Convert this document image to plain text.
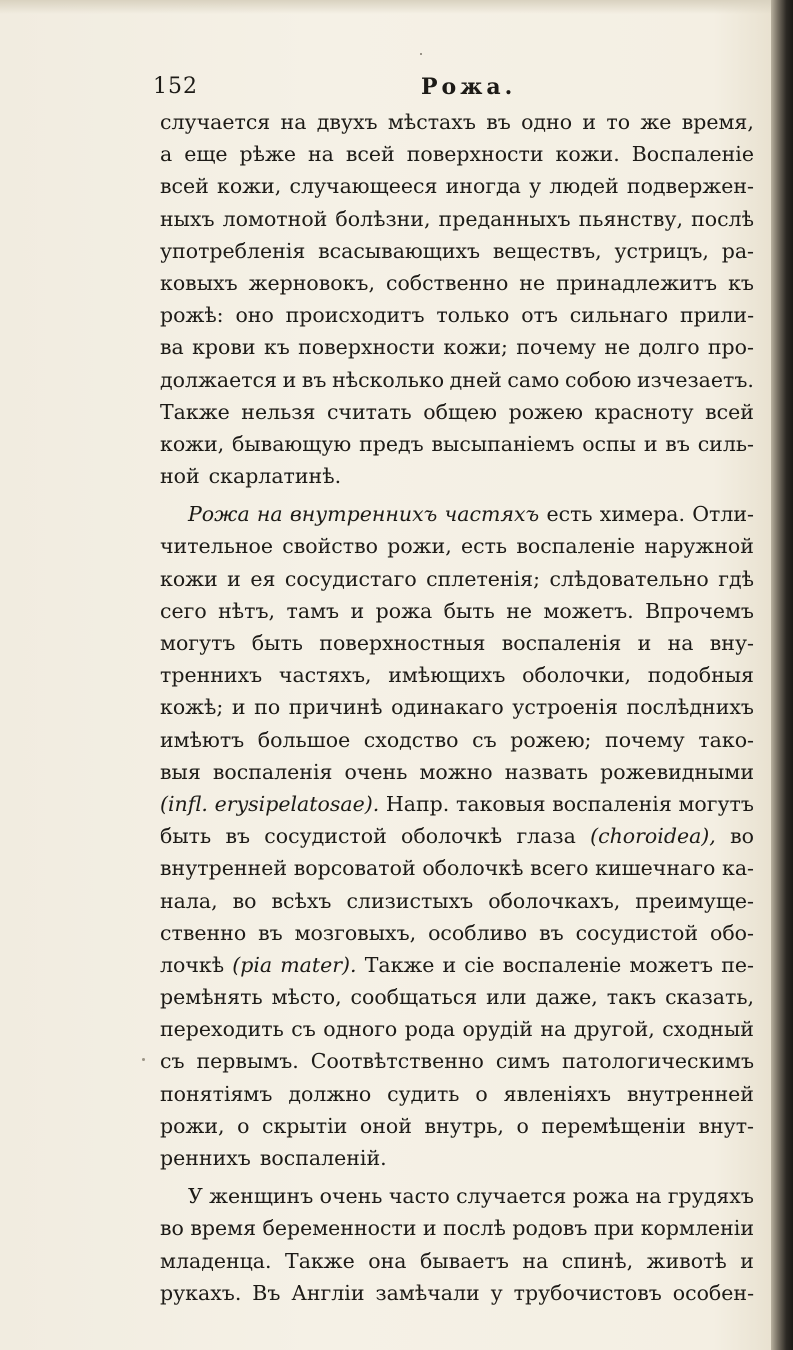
152	Рожа.
случается на двухъ мѣстахъ въ одно и то же время,
а еще рѣже на всей поверхности кожи. Воспаленіе
всей кожи, случающееся иногда у людей подвержен-
ныхъ ломотной болѣзни, преданныхъ пьянству, послѣ
употребленія всасывающихъ веществъ, устрицъ, ра-
ковыхъ жерновокъ, собственно не принадлежитъ къ
рожѣ: оно происходитъ только отъ сильнаго прили-
ва крови къ поверхности кожи; почему не долго про-
должается и въ нѣсколько дней само собою изчезаетъ.
Также нельзя считать общею рожею красноту всей
кожи, бывающую предъ высыпаніемъ оспы и въ силь-
ной скарлатинѣ.
Рожа на внутреннихъ частяхъ есть химера. Отли-
чительное свойство рожи, есть воспаленіе наружной
кожи и ея сосудистаго сплетенія; слѣдовательно гдѣ
сего нѣтъ, тамъ и рожа быть не можетъ. Впрочемъ
могутъ быть поверхностныя воспаленія и на вну-
треннихъ частяхъ, имѣющихъ оболочки, подобныя
кожѣ; и по причинѣ одинакаго устроенія послѣднихъ
имѣютъ большое сходство съ рожею; почему тако-
выя воспаленія очень можно назвать рожевидными
(infl. erysipelatosae). Напр. таковыя воспаленія могутъ
быть въ сосудистой оболочкѣ глаза (choroidea), во
внутренней ворсоватой оболочкѣ всего кишечнаго ка-
нала, во всѣхъ слизистыхъ оболочкахъ, преимуще-
ственно въ мозговыхъ, особливо въ сосудистой обо-
лочкѣ (pia mater). Также и сіе воспаленіе можетъ пе-
ремѣнять мѣсто, сообщаться или даже, такъ сказать,
переходить съ одного рода орудій на другой, сходный
съ первымъ. Соотвѣтственно симъ патологическимъ
понятіямъ должно судить о явленіяхъ внутренней
рожи, о скрытіи оной внутрь, о перемѣщеніи внут-
реннихъ воспаленій.
У женщинъ очень часто случается рожа на грудяхъ
во время беременности и послѣ родовъ при кормленіи
младенца. Также она бываетъ на спинѣ, животѣ и
рукахъ. Въ Англіи замѣчали у трубочистовъ особен-
